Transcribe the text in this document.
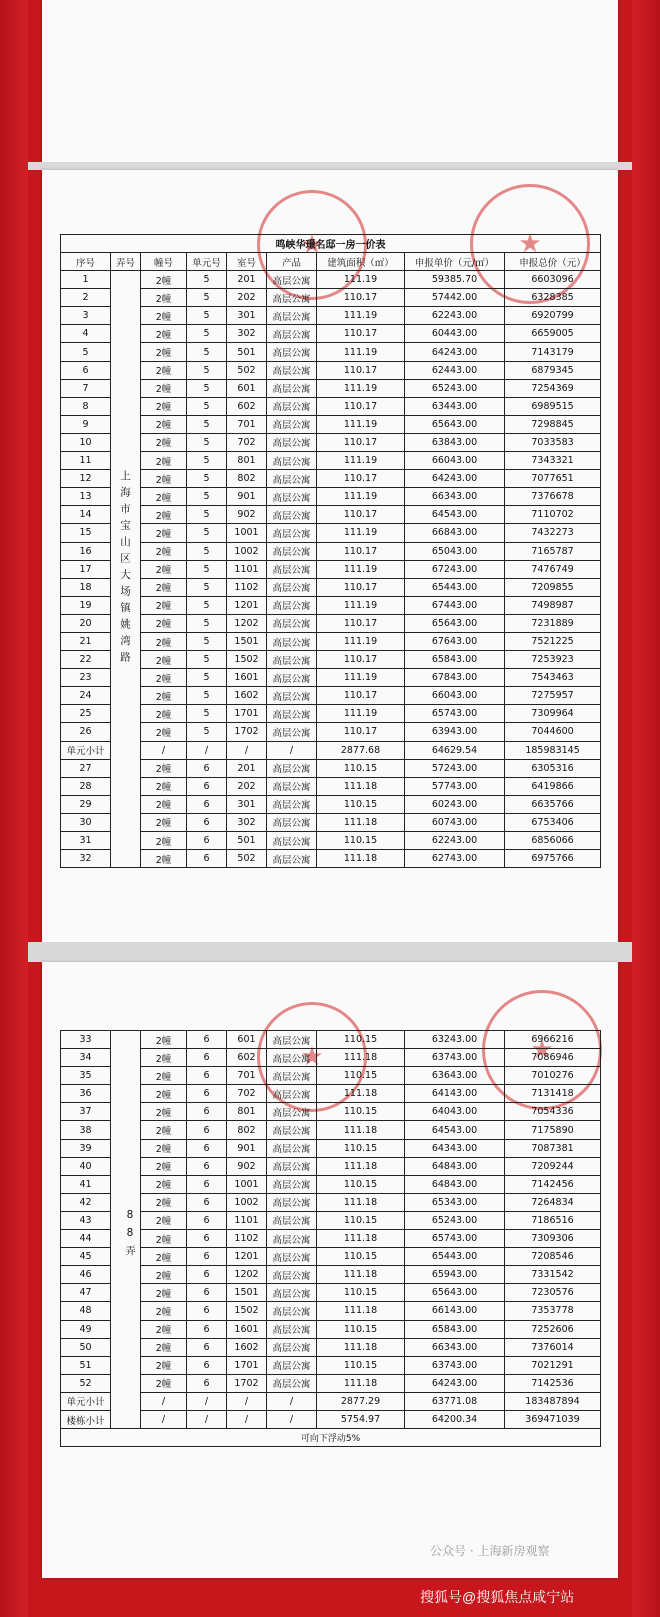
★
★
鸣峡华璟名邸一房一价表								
序号	弄号	幢号	单元号	室号	产品	建筑面积（㎡）	申报单价（元/㎡）	申报总价（元）
1	上海市宝山区大场镇姚湾路	2幢	5	201	高层公寓	111.19	59385.70	6603096
2		2幢	5	202	高层公寓	110.17	57442.00	6328385
3		2幢	5	301	高层公寓	111.19	62243.00	6920799
4		2幢	5	302	高层公寓	110.17	60443.00	6659005
5		2幢	5	501	高层公寓	111.19	64243.00	7143179
6		2幢	5	502	高层公寓	110.17	62443.00	6879345
7		2幢	5	601	高层公寓	111.19	65243.00	7254369
8		2幢	5	602	高层公寓	110.17	63443.00	6989515
9		2幢	5	701	高层公寓	111.19	65643.00	7298845
10		2幢	5	702	高层公寓	110.17	63843.00	7033583
11		2幢	5	801	高层公寓	111.19	66043.00	7343321
12		2幢	5	802	高层公寓	110.17	64243.00	7077651
13		2幢	5	901	高层公寓	111.19	66343.00	7376678
14		2幢	5	902	高层公寓	110.17	64543.00	7110702
15		2幢	5	1001	高层公寓	111.19	66843.00	7432273
16		2幢	5	1002	高层公寓	110.17	65043.00	7165787
17		2幢	5	1101	高层公寓	111.19	67243.00	7476749
18		2幢	5	1102	高层公寓	110.17	65443.00	7209855
19		2幢	5	1201	高层公寓	111.19	67443.00	7498987
20		2幢	5	1202	高层公寓	110.17	65643.00	7231889
21		2幢	5	1501	高层公寓	111.19	67643.00	7521225
22		2幢	5	1502	高层公寓	110.17	65843.00	7253923
23		2幢	5	1601	高层公寓	111.19	67843.00	7543463
24		2幢	5	1602	高层公寓	110.17	66043.00	7275957
25		2幢	5	1701	高层公寓	111.19	65743.00	7309964
26		2幢	5	1702	高层公寓	110.17	63943.00	7044600
单元小计		/	/	/	/	2877.68	64629.54	185983145
27		2幢	6	201	高层公寓	110.15	57243.00	6305316
28		2幢	6	202	高层公寓	111.18	57743.00	6419866
29		2幢	6	301	高层公寓	110.15	60243.00	6635766
30		2幢	6	302	高层公寓	111.18	60743.00	6753406
31		2幢	6	501	高层公寓	110.15	62243.00	6856066
32		2幢	6	502	高层公寓	111.18	62743.00	6975766
★
★
33	88弄	2幢	6	601	高层公寓	110.15	63243.00	6966216
34		2幢	6	602	高层公寓	111.18	63743.00	7086946
35		2幢	6	701	高层公寓	110.15	63643.00	7010276
36		2幢	6	702	高层公寓	111.18	64143.00	7131418
37		2幢	6	801	高层公寓	110.15	64043.00	7054336
38		2幢	6	802	高层公寓	111.18	64543.00	7175890
39		2幢	6	901	高层公寓	110.15	64343.00	7087381
40		2幢	6	902	高层公寓	111.18	64843.00	7209244
41		2幢	6	1001	高层公寓	110.15	64843.00	7142456
42		2幢	6	1002	高层公寓	111.18	65343.00	7264834
43		2幢	6	1101	高层公寓	110.15	65243.00	7186516
44		2幢	6	1102	高层公寓	111.18	65743.00	7309306
45		2幢	6	1201	高层公寓	110.15	65443.00	7208546
46		2幢	6	1202	高层公寓	111.18	65943.00	7331542
47		2幢	6	1501	高层公寓	110.15	65643.00	7230576
48		2幢	6	1502	高层公寓	111.18	66143.00	7353778
49		2幢	6	1601	高层公寓	110.15	65843.00	7252606
50		2幢	6	1602	高层公寓	111.18	66343.00	7376014
51		2幢	6	1701	高层公寓	110.15	63743.00	7021291
52		2幢	6	1702	高层公寓	111.18	64243.00	7142536
单元小计		/	/	/	/	2877.29	63771.08	183487894
楼栋小计		/	/	/	/	5754.97	64200.34	369471039
可向下浮动5%								
公众号 · 上海新房观察
搜狐号@搜狐焦点咸宁站
